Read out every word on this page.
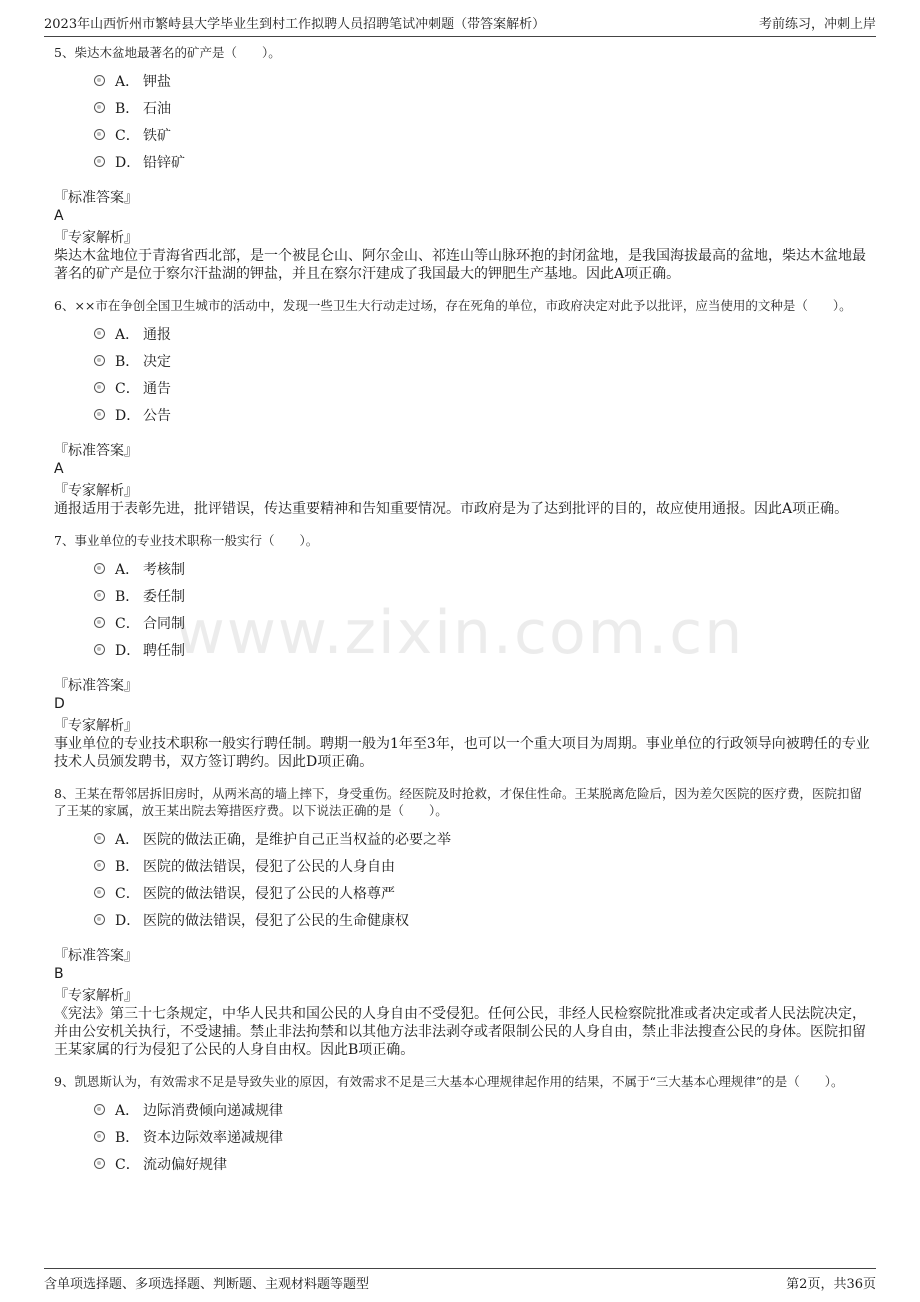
2023年山西忻州市繁峙县大学毕业生到村工作拟聘人员招聘笔试冲刺题（带答案解析）	考前练习，冲刺上岸
www.zixin.com.cn
5、柴达木盆地最著名的矿产是（　　）。
A． 钾盐
B． 石油
C． 铁矿
D． 铅锌矿
『标准答案』
A
『专家解析』
柴达木盆地位于青海省西北部，是一个被昆仑山、阿尔金山、祁连山等山脉环抱的封闭盆地，是我国海拔最高的盆地，柴达木盆地最著名的矿产是位于察尔汗盐湖的钾盐，并且在察尔汗建成了我国最大的钾肥生产基地。因此A项正确。
6、××市在争创全国卫生城市的活动中，发现一些卫生大行动走过场，存在死角的单位，市政府决定对此予以批评，应当使用的文种是（　　）。
A． 通报
B． 决定
C． 通告
D． 公告
『标准答案』
A
『专家解析』
通报适用于表彰先进，批评错误，传达重要精神和告知重要情况。市政府是为了达到批评的目的，故应使用通报。因此A项正确。
7、事业单位的专业技术职称一般实行（　　）。
A． 考核制
B． 委任制
C． 合同制
D． 聘任制
『标准答案』
D
『专家解析』
事业单位的专业技术职称一般实行聘任制。聘期一般为1年至3年，也可以一个重大项目为周期。事业单位的行政领导向被聘任的专业技术人员颁发聘书，双方签订聘约。因此D项正确。
8、王某在帮邻居拆旧房时，从两米高的墙上摔下，身受重伤。经医院及时抢救，才保住性命。王某脱离危险后，因为差欠医院的医疗费，医院扣留了王某的家属，放王某出院去筹措医疗费。以下说法正确的是（　　）。
A． 医院的做法正确，是维护自己正当权益的必要之举
B． 医院的做法错误，侵犯了公民的人身自由
C． 医院的做法错误，侵犯了公民的人格尊严
D． 医院的做法错误，侵犯了公民的生命健康权
『标准答案』
B
『专家解析』
《宪法》第三十七条规定，中华人民共和国公民的人身自由不受侵犯。任何公民，非经人民检察院批准或者决定或者人民法院决定，并由公安机关执行，不受逮捕。禁止非法拘禁和以其他方法非法剥夺或者限制公民的人身自由，禁止非法搜查公民的身体。医院扣留王某家属的行为侵犯了公民的人身自由权。因此B项正确。
9、凯恩斯认为，有效需求不足是导致失业的原因，有效需求不足是三大基本心理规律起作用的结果，不属于“三大基本心理规律”的是（　　）。
A． 边际消费倾向递减规律
B． 资本边际效率递减规律
C． 流动偏好规律
含单项选择题、多项选择题、判断题、主观材料题等题型	第2页，共36页
